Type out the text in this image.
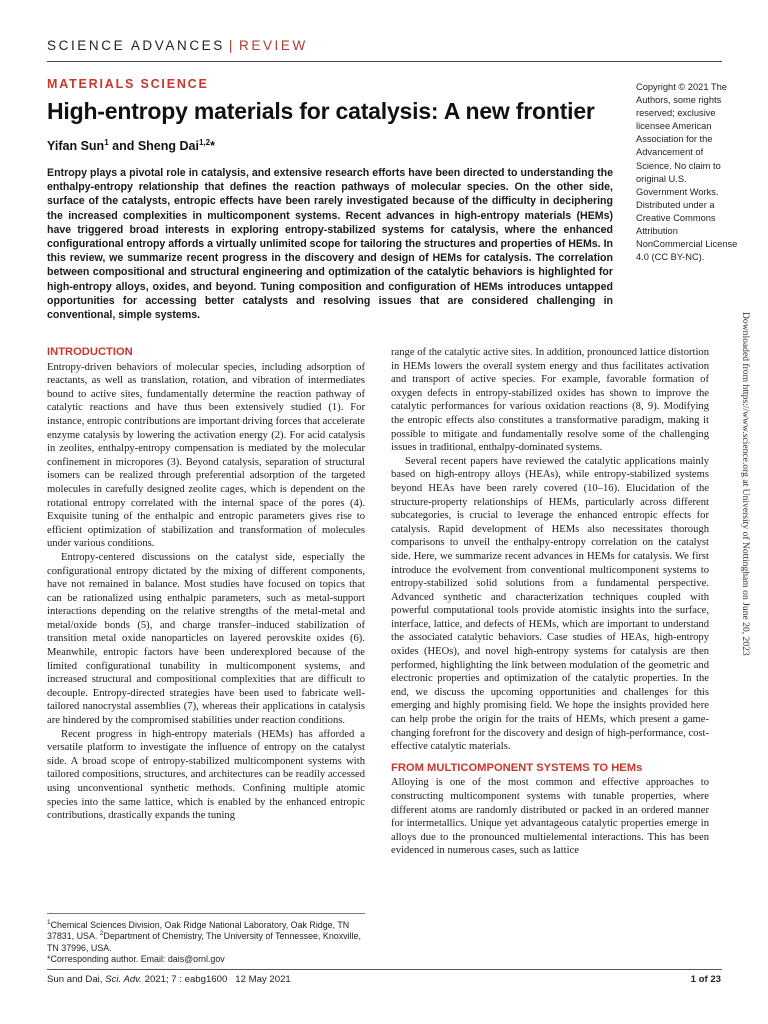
SCIENCE ADVANCES | REVIEW
MATERIALS SCIENCE
High-entropy materials for catalysis: A new frontier
Yifan Sun$^1$ and Sheng Dai$^{1,2}$*
Entropy plays a pivotal role in catalysis, and extensive research efforts have been directed to understanding the enthalpy-entropy relationship that defines the reaction pathways of molecular species. On the other side, surface of the catalysts, entropic effects have been rarely investigated because of the difficulty in deciphering the increased complexities in multicomponent systems. Recent advances in high-entropy materials (HEMs) have triggered broad interests in exploring entropy-stabilized systems for catalysis, where the enhanced configurational entropy affords a virtually unlimited scope for tailoring the structures and properties of HEMs. In this review, we summarize recent progress in the discovery and design of HEMs for catalysis. The correlation between compositional and structural engineering and optimization of the catalytic behaviors is highlighted for high-entropy alloys, oxides, and beyond. Tuning composition and configuration of HEMs introduces untapped opportunities for accessing better catalysts and resolving issues that are considered challenging in conventional, simple systems.
Copyright © 2021 The Authors, some rights reserved; exclusive licensee American Association for the Advancement of Science. No claim to original U.S. Government Works. Distributed under a Creative Commons Attribution NonCommercial License 4.0 (CC BY-NC).
INTRODUCTION

Entropy-driven behaviors of molecular species, including adsorption of reactants, as well as translation, rotation, and vibration of intermediates bound to active sites, fundamentally determine the reaction pathway of catalytic reactions and have thus been extensively studied (1). For instance, entropic contributions are important driving forces that accelerate enzyme catalysis by lowering the activation energy (2). For acid catalysis in zeolites, enthalpy-entropy compensation is mediated by the molecular confinement in micropores (3). Beyond catalysis, separation of structural isomers can be realized through preferential adsorption of the targeted molecules in carefully designed zeolite cages, which is dependent on the rotational entropy correlated with the internal space of the pores (4). Exquisite tuning of the enthalpic and entropic parameters gives rise to efficient optimization of stabilization and transformation of molecules under various conditions.

Entropy-centered discussions on the catalyst side, especially the configurational entropy dictated by the mixing of different components, have not remained in balance. Most studies have focused on topics that can be rationalized using enthalpic parameters, such as metal-support interactions depending on the relative strengths of the metal-metal and metal/oxide bonds (5), and charge transfer–induced stabilization of transition metal oxide nanoparticles on layered perovskite oxides (6). Meanwhile, entropic factors have been underexplored because of the limited configurational tunability in multicomponent systems, and increased structural and compositional complexities that are difficult to decouple. Entropy-directed strategies have been used to fabricate well-tailored nanocrystal assemblies (7), whereas their applications in catalysis are hindered by the compromised stabilities under reaction conditions.

Recent progress in high-entropy materials (HEMs) has afforded a versatile platform to investigate the influence of entropy on the catalyst side. A broad scope of entropy-stabilized multicomponent systems with tailored compositions, structures, and architectures can be readily accessed using unconventional synthetic methods. Confining multiple atomic species into the same lattice, which is enabled by the enhanced entropic contributions, drastically expands the tuning

range of the catalytic active sites. In addition, pronounced lattice distortion in HEMs lowers the overall system energy and thus facilitates activation and transport of active species. For example, favorable formation of oxygen defects in entropy-stabilized oxides has shown to improve the catalytic performances for various oxidation reactions (8, 9). Modifying the entropic effects also constitutes a transformative paradigm, making it possible to mitigate and fundamentally resolve some of the challenging issues in traditional, enthalpy-dominated systems.

Several recent papers have reviewed the catalytic applications mainly based on high-entropy alloys (HEAs), while entropy-stabilized systems beyond HEAs have been rarely covered (10–16). Elucidation of the structure-property relationships of HEMs, particularly across different subcategories, is crucial to leverage the enhanced entropic effects for catalysis. Rapid development of HEMs also necessitates thorough comparisons to unveil the enthalpy-entropy correlation on the catalyst side. Here, we summarize recent advances in HEMs for catalysis. We first introduce the evolvement from conventional multicomponent systems to entropy-stabilized solid solutions from a fundamental perspective. Advanced synthetic and characterization techniques coupled with powerful computational tools provide atomistic insights into the surface, interface, lattice, and defects of HEMs, which are important to understand the associated catalytic behaviors. Case studies of HEAs, high-entropy oxides (HEOs), and novel high-entropy systems for catalysis are then performed, highlighting the link between modulation of the geometric and electronic properties and optimization of the catalytic properties. In the end, we discuss the upcoming opportunities and challenges for this emerging and highly promising field. We hope the insights provided here can help probe the origin for the traits of HEMs, which present a game-changing forefront for the discovery and design of high-performance, cost-effective catalytic materials.

FROM MULTICOMPONENT SYSTEMS TO HEMs

Alloying is one of the most common and effective approaches to constructing multicomponent systems with tunable properties, where different atoms are randomly distributed or packed in an ordered manner for intermetallics. Unique yet advantageous catalytic properties emerge in alloys due to the pronounced multielemental interactions. This has been evidenced in numerous cases, such as lattice

$^1$Chemical Sciences Division, Oak Ridge National Laboratory, Oak Ridge, TN 37831, USA. $^2$Department of Chemistry, The University of Tennessee, Knoxville, TN 37996, USA.
*Corresponding author. Email: dais@ornl.gov
Sun and Dai, Sci. Adv. 2021; 7 : eabg1600 12 May 2021	1 of 23
Downloaded from https://www.science.org at University of Nottingham on June 20, 2023
